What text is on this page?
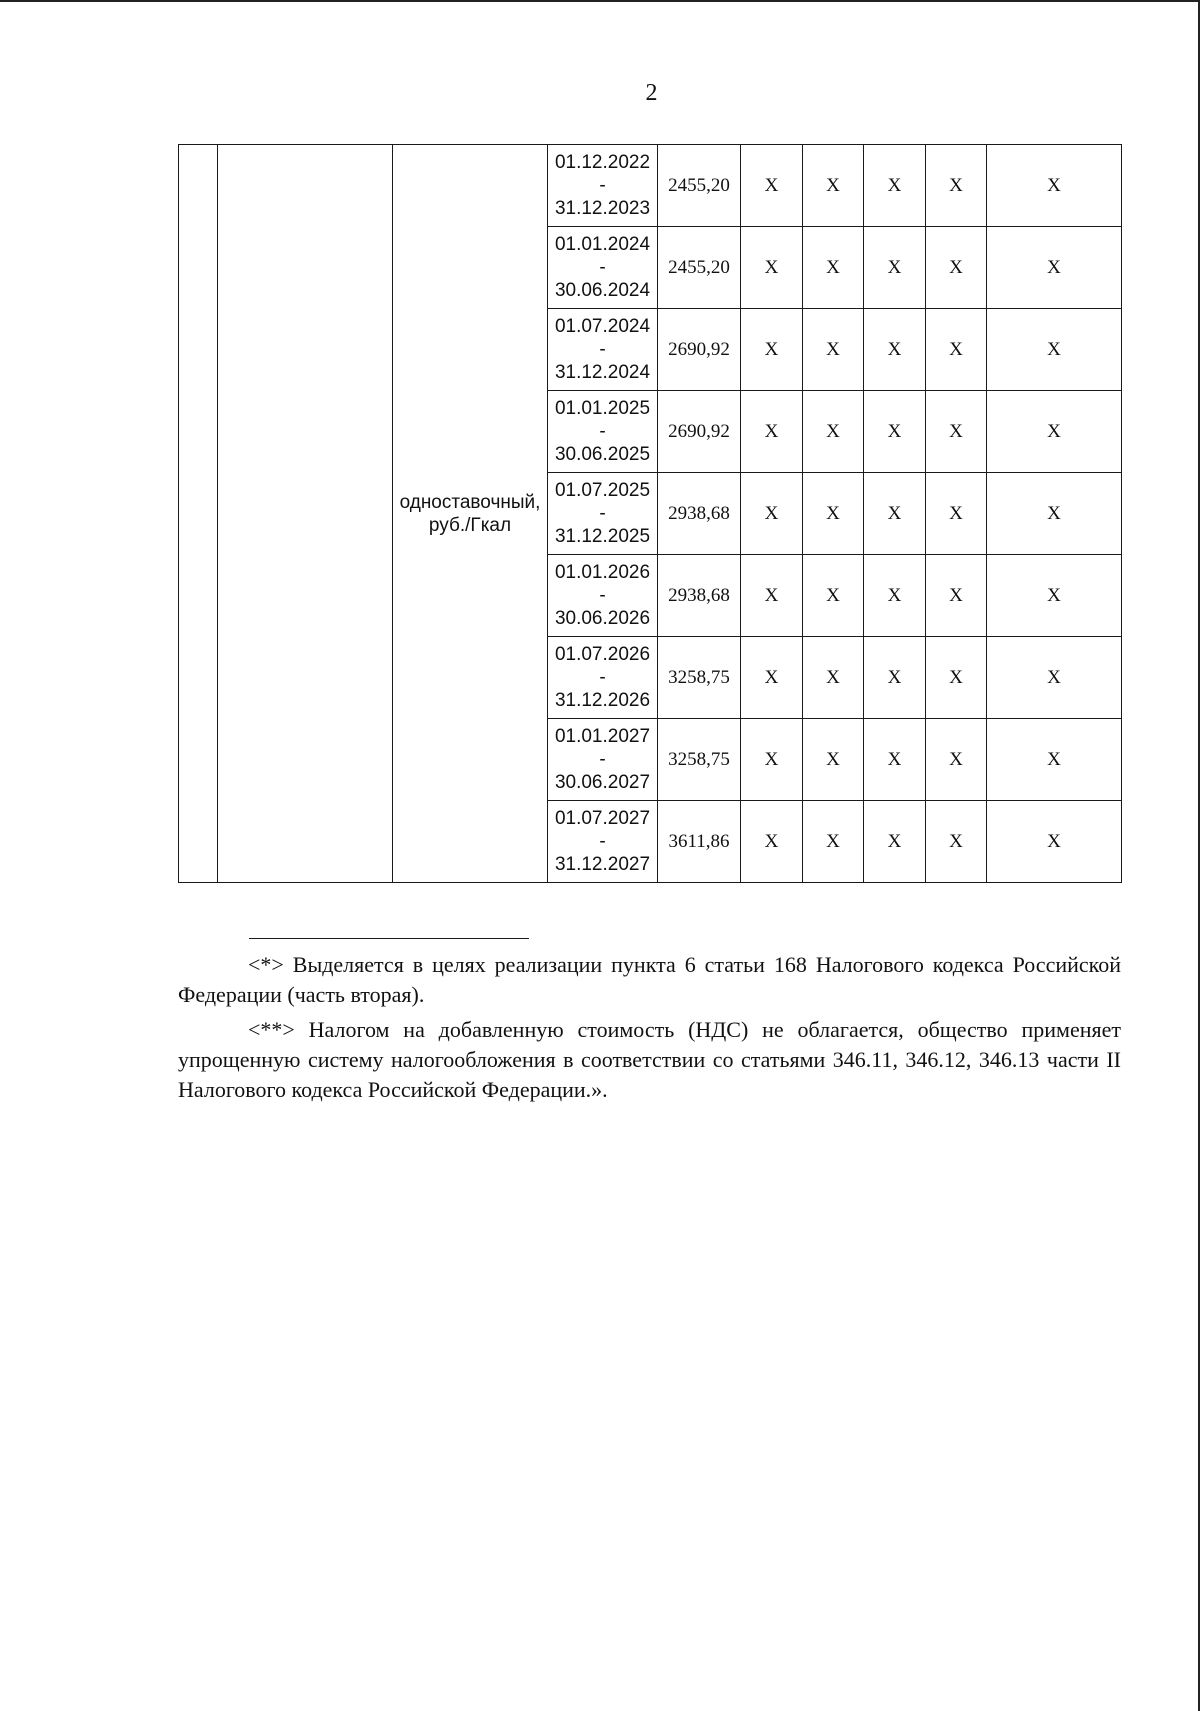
2
		одноставочный, руб./Гкал	01.12.2022
-
31.12.2023	2455,20	X	X	X	X	X

			01.01.2024
-
30.06.2024	2455,20	X	X	X	X	X

			01.07.2024
-
31.12.2024	2690,92	X	X	X	X	X

			01.01.2025
-
30.06.2025	2690,92	X	X	X	X	X

			01.07.2025
-
31.12.2025	2938,68	X	X	X	X	X

			01.01.2026
-
30.06.2026	2938,68	X	X	X	X	X

			01.07.2026
-
31.12.2026	3258,75	X	X	X	X	X

			01.01.2027
-
30.06.2027	3258,75	X	X	X	X	X

			01.07.2027
-
31.12.2027	3611,86	X	X	X	X	X

<*> Выделяется в целях реализации пункта 6 статьи 168 Налогового кодекса Российской Федерации (часть вторая).

<**> Налогом на добавленную стоимость (НДС) не облагается, общество применяет упрощенную систему налогообложения в соответствии со статьями 346.11, 346.12, 346.13 части II Налогового кодекса Российской Федерации.».
